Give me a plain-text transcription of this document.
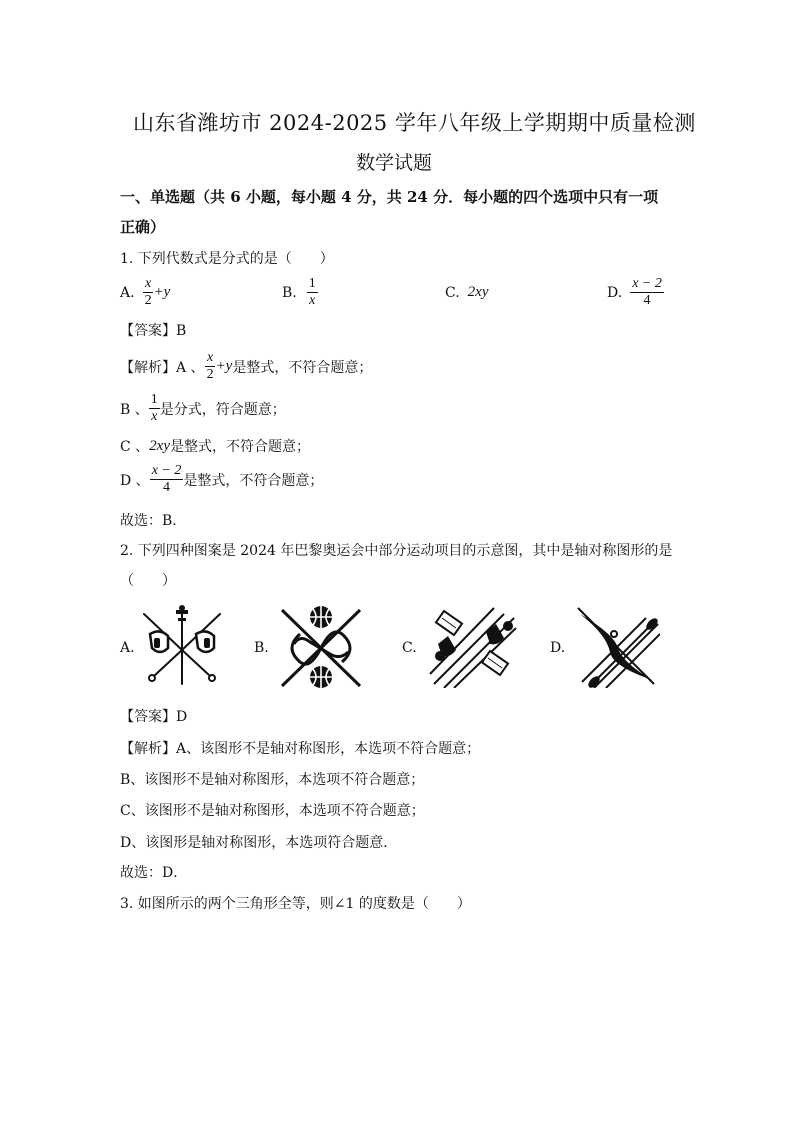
山东省潍坊市 2024-2025 学年八年级上学期期中质量检测
数学试题
一、单选题（共 6 小题，每小题 4 分，共 24 分．每小题的四个选项中只有一项
正确）
1. 下列代数式是分式的是（　　）
A. $\frac{x}{2} +y$	B. $\frac{1}{x}$	C. 2xy	D. $\frac{x - 2}{4}$
【答案】B
【解析】A 、 $\frac{x}{2} +y$ 是整式，不符合题意；
B 、 $\frac{1}{x}$ 是分式，符合题意；
C 、 2xy 是整式，不符合题意；
D 、 $\frac{x - 2}{4}$ 是整式，不符合题意；
故选：B．
2. 下列四种图案是 2024 年巴黎奥运会中部分运动项目的示意图，其中是轴对称图形的是
（　　）
A.	B.	C.	D.
【答案】D
【解析】A、该图形不是轴对称图形，本选项不符合题意；
B、该图形不是轴对称图形，本选项不符合题意；
C、该图形不是轴对称图形，本选项不符合题意；
D、该图形是轴对称图形，本选项符合题意．
故选：D．
3. 如图所示的两个三角形全等，则∠1 的度数是（　　）
